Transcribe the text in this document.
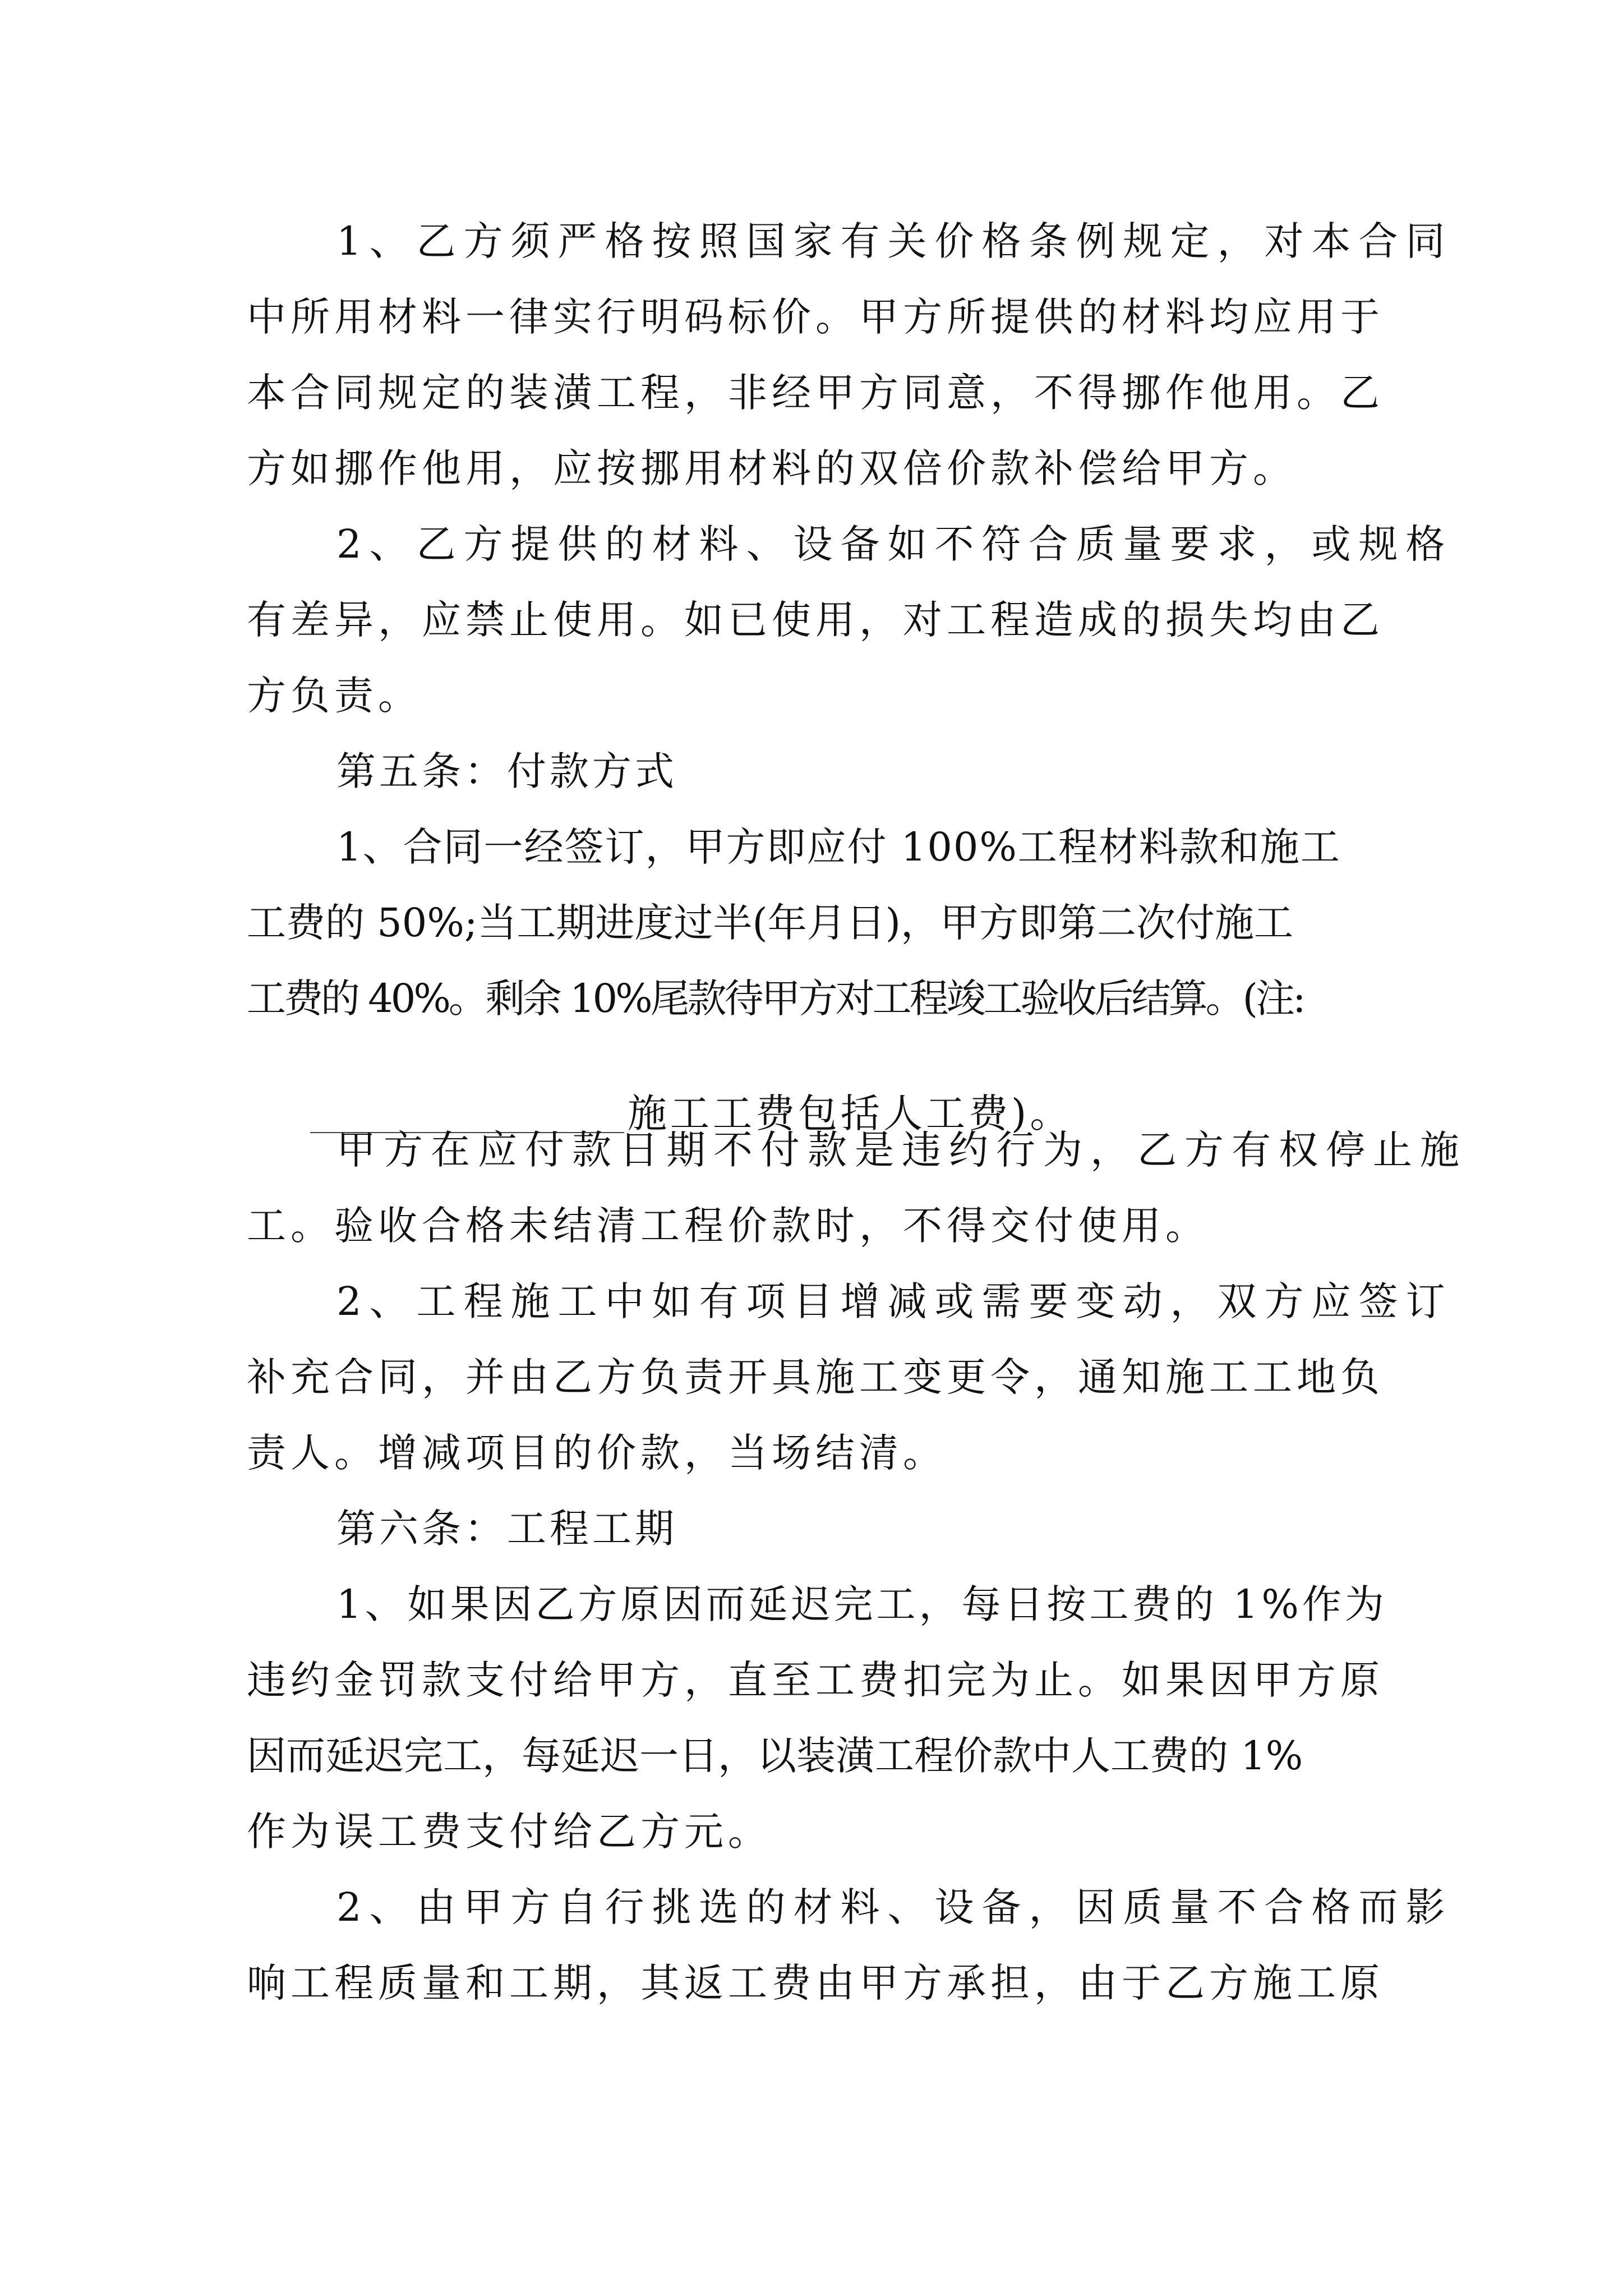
1、乙方须严格按照国家有关价格条例规定，对本合同
中所用材料一律实行明码标价。甲方所提供的材料均应用于
本合同规定的装潢工程，非经甲方同意，不得挪作他用。乙
方如挪作他用，应按挪用材料的双倍价款补偿给甲方。
2、乙方提供的材料、设备如不符合质量要求，或规格
有差异，应禁止使用。如已使用，对工程造成的损失均由乙
方负责。
第五条：付款方式
1、合同一经签订，甲方即应付 100%工程材料款和施工
工费的 50%;当工期进度过半(年月日)，甲方即第二次付施工
工费的 40%。剩余 10%尾款待甲方对工程竣工验收后结算。(注:

施工工费包括人工费)。

甲方在应付款日期不付款是违约行为，乙方有权停止施
工。验收合格未结清工程价款时，不得交付使用。
2、工程施工中如有项目增减或需要变动，双方应签订
补充合同，并由乙方负责开具施工变更令，通知施工工地负
责人。增减项目的价款，当场结清。
第六条：工程工期
1、如果因乙方原因而延迟完工，每日按工费的 1%作为
违约金罚款支付给甲方，直至工费扣完为止。如果因甲方原
因而延迟完工，每延迟一日，以装潢工程价款中人工费的 1%
作为误工费支付给乙方元。
2、由甲方自行挑选的材料、设备，因质量不合格而影
响工程质量和工期，其返工费由甲方承担，由于乙方施工原
